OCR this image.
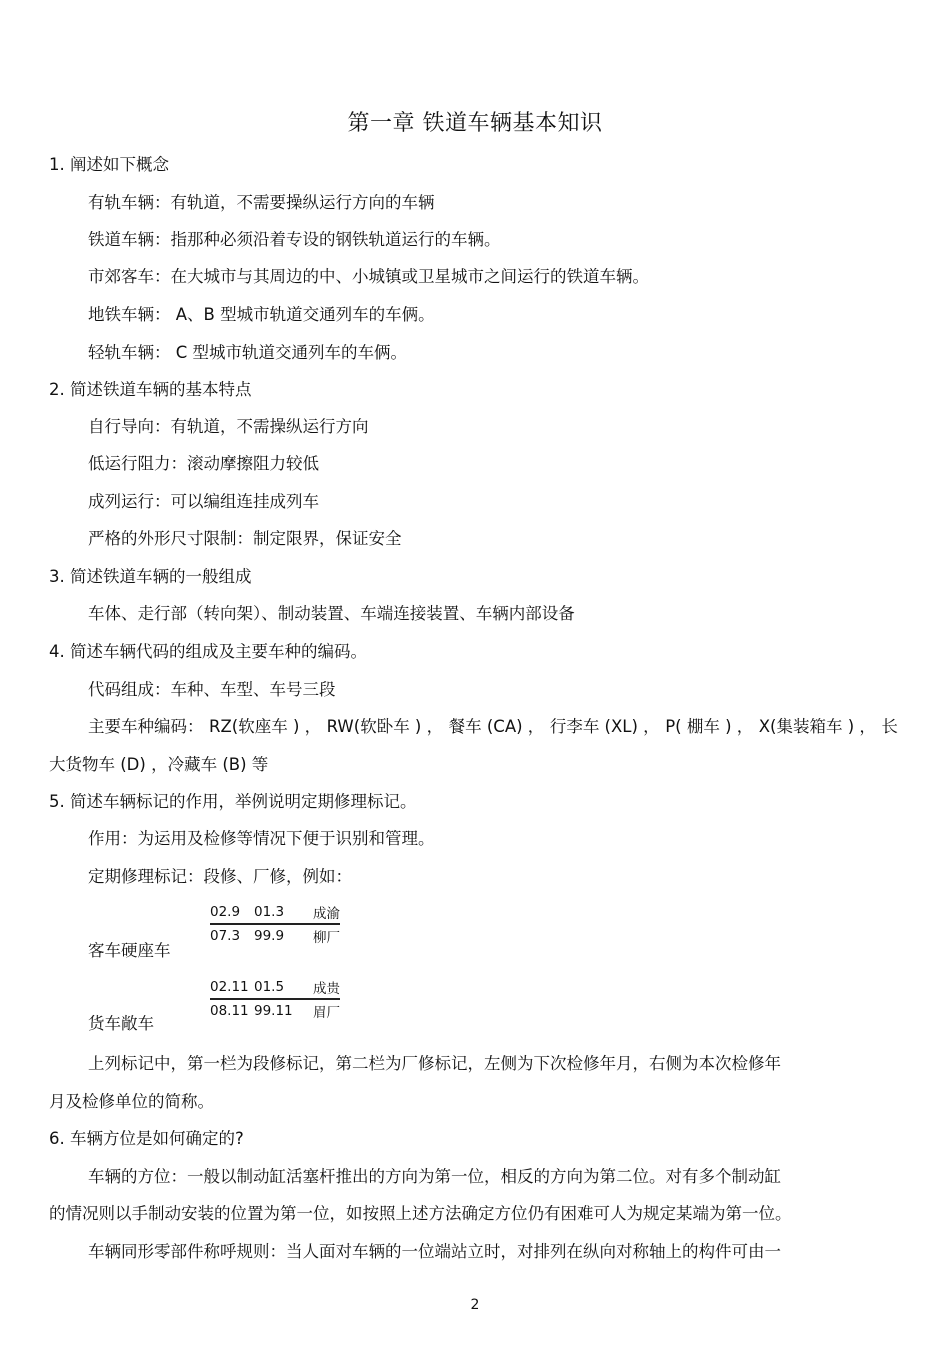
第一章 铁道车辆基本知识
1. 阐述如下概念
有轨车辆：有轨道，不需要操纵运行方向的车辆
铁道车辆：指那种必须沿着专设的钢铁轨道运行的车辆。
市郊客车：在大城市与其周边的中、小城镇或卫星城市之间运行的铁道车辆。
地铁车辆： A、B 型城市轨道交通列车的车俩。
轻轨车辆： C 型城市轨道交通列车的车俩。
2. 简述铁道车辆的基本特点
自行导向：有轨道，不需操纵运行方向
低运行阻力：滚动摩擦阻力较低
成列运行：可以编组连挂成列车
严格的外形尺寸限制：制定限界，保证安全
3. 简述铁道车辆的一般组成
车体、走行部（转向架）、制动装置、车端连接装置、车辆内部设备
4. 简述车辆代码的组成及主要车种的编码。
代码组成：车种、车型、车号三段
主要车种编码： RZ(软座车 ) ， RW(软卧车 ) ， 餐车 (CA) ， 行李车 (XL) ， P( 棚车 ) ， X(集装箱车 ) ， 长
大货物车 (D) ，冷藏车 (B) 等
5. 简述车辆标记的作用，举例说明定期修理标记。
作用：为运用及检修等情况下便于识别和管理。
定期修理标记：段修、厂修，例如：
02.9	01.3	成渝
07.3	99.9	柳厂
客车硬座车
02.11 01.5	成贵
08.11 99.11	眉厂
货车敞车
上列标记中，第一栏为段修标记，第二栏为厂修标记，左侧为下次检修年月，右侧为本次检修年
月及检修单位的简称。
6. 车辆方位是如何确定的?
车辆的方位：一般以制动缸活塞杆推出的方向为第一位，相反的方向为第二位。对有多个制动缸
的情况则以手制动安装的位置为第一位，如按照上述方法确定方位仍有困难可人为规定某端为第一位。
车辆同形零部件称呼规则：当人面对车辆的一位端站立时，对排列在纵向对称轴上的构件可由一
2
